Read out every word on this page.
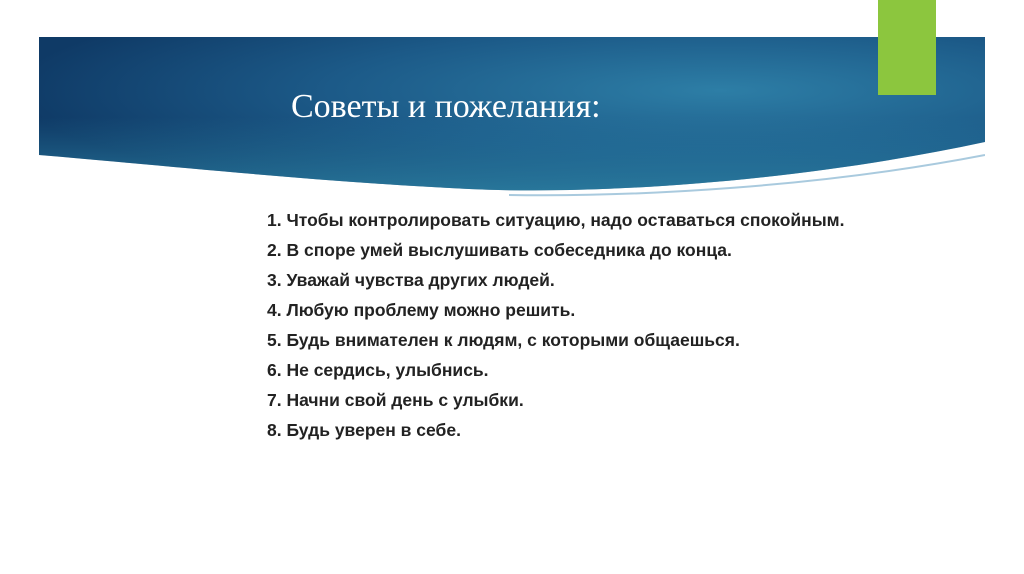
Советы и пожелания:
1. Чтобы контролировать ситуацию, надо оставаться спокойным.
2. В споре умей выслушивать собеседника до конца.
3. Уважай чувства других людей.
4. Любую проблему можно решить.
5. Будь внимателен к людям, с которыми общаешься.
6. Не сердись, улыбнись.
7. Начни свой день с улыбки.
8. Будь уверен в себе.
